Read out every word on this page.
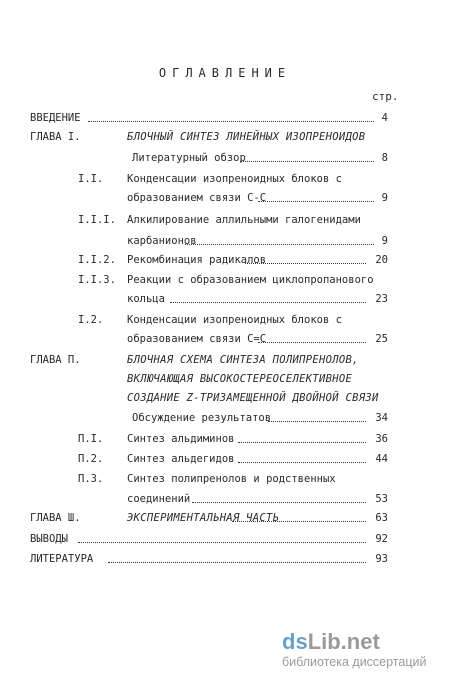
ОГЛАВЛЕНИЕ
стр.
ВВЕДЕНИЕ	4
ГЛАВА I.	БЛОЧНЫЙ СИНТЕЗ ЛИНЕЙНЫХ ИЗОПРЕНОИДОВ
Литературный обзор	8
I.I. Конденсации изопреноидных блоков с
образованием связи С-С	9
I.I.I. Алкилирование аллильными галогенидами
карбанионов	9
I.I.2. Рекомбинация радикалов	20
I.I.3. Реакции с образованием циклопропанового
кольца	23
I.2. Конденсации изопреноидных блоков с
образованием связи С=С	25
ГЛАВА П.	БЛОЧНАЯ СХЕМА СИНТЕЗА ПОЛИПРЕНОЛОВ,
ВКЛЮЧАЮЩАЯ ВЫСОКОСТЕРЕОСЕЛЕКТИВНОЕ
СОЗДАНИЕ Z-ТРИЗАМЕЩЕННОЙ ДВОЙНОЙ СВЯЗИ
Обсуждение результатов	34
П.I. Синтез альдиминов	36
П.2. Синтез альдегидов	44
П.З. Синтез полипренолов и родственных
соединений	53
ГЛАВА Ш.	ЭКСПЕРИМЕНТАЛЬНАЯ ЧАСТЬ	63
ВЫВОДЫ	92
ЛИТЕРАТУРА	93
dsLib.net
библиотека диссертаций
